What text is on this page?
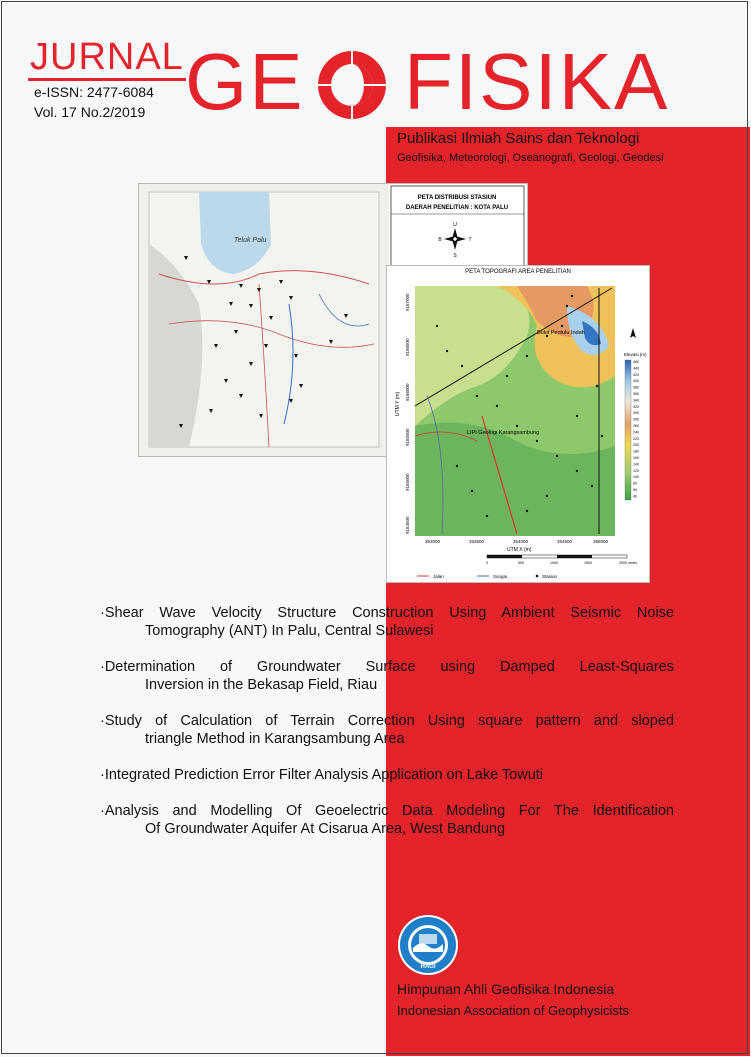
JURNAL GE FISIKA
e-ISSN: 2477-6084
Vol. 17 No.2/2019
Publikasi Ilmiah Sains dan Teknologi
Geofisika, Meteorologi, Oseanografi, Geologi, Geodesi
Teluk Palu
PETA DISTRIBUSI STASIUN
DAERAH PENELITIAN : KOTA PALU
U
T
S
B
PETA TOPOGRAFI AREA PENELITIAN
Bukit Pentulu Indah
LIPI Geologi Karangsambung
UTM Y (m)
353000	353500	354000	354500	355000
9167000
9166500
9166000
9165500
9165000
9164500
UTM X (m)
Elevasi (m)
460
440
420
400
380
360
340
320
300
280
260
240
220
200
180
160
140
120
100
80
60
40
0	500	1000	1500	2000 meter
Jalan	Sungai	Stasiun
·Shear Wave Velocity Structure Construction Using Ambient Seismic Noise
Tomography (ANT) In Palu, Central Sulawesi
·Determination of Groundwater Surface using Damped Least-Squares
Inversion in the Bekasap Field, Riau
·Study of Calculation of Terrain Correction Using square pattern and sloped
triangle Method in Karangsambung Area
·Integrated Prediction Error Filter Analysis Application on Lake Towuti
·Analysis and Modelling Of Geoelectric Data Modeling For The Identification
Of Groundwater Aquifer At Cisarua Area, West Bandung
HAGI
Himpunan Ahli Geofisika Indonesia
Indonesian Association of Geophysicists
